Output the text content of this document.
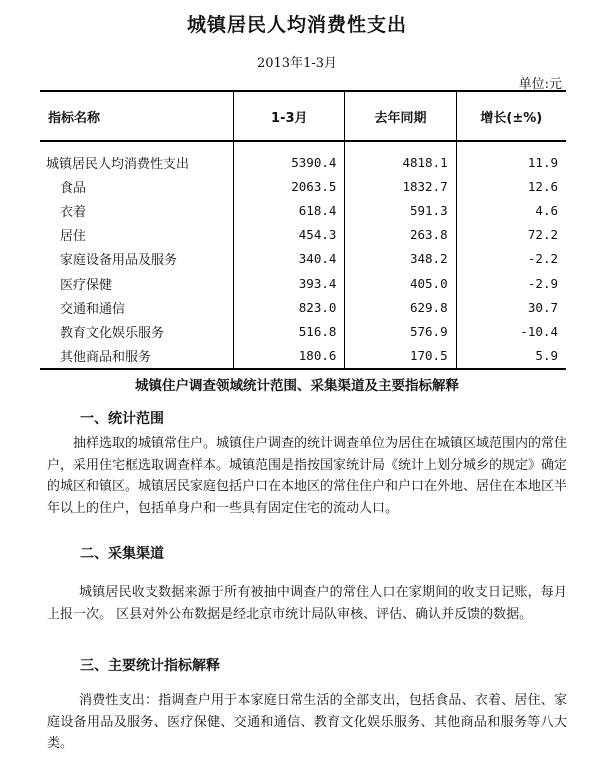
城镇居民人均消费性支出
2013年1-3月
单位:元
指标名称	1-3月	去年同期	增长(±%)
城镇居民人均消费性支出	5390.4	4818.1	11.9
食品	2063.5	1832.7	12.6
衣着	618.4	591.3	4.6
居住	454.3	263.8	72.2
家庭设备用品及服务	340.4	348.2	-2.2
医疗保健	393.4	405.0	-2.9
交通和通信	823.0	629.8	30.7
教育文化娱乐服务	516.8	576.9	-10.4
其他商品和服务	180.6	170.5	5.9
城镇住户调查领域统计范围、采集渠道及主要指标解释
一、统计范围
抽样选取的城镇常住户。城镇住户调查的统计调查单位为居住在城镇区域范围内的常住户，采用住宅框选取调查样本。城镇范围是指按国家统计局《统计上划分城乡的规定》确定的城区和镇区。城镇居民家庭包括户口在本地区的常住住户和户口在外地、居住在本地区半年以上的住户，包括单身户和一些具有固定住宅的流动人口。
二、采集渠道
城镇居民收支数据来源于所有被抽中调查户的常住人口在家期间的收支日记账，每月上报一次。 区县对外公布数据是经北京市统计局队审核、评估、确认并反馈的数据。
三、主要统计指标解释
消费性支出：指调查户用于本家庭日常生活的全部支出，包括食品、衣着、居住、家庭设备用品及服务、医疗保健、交通和通信、教育文化娱乐服务、其他商品和服务等八大类。
